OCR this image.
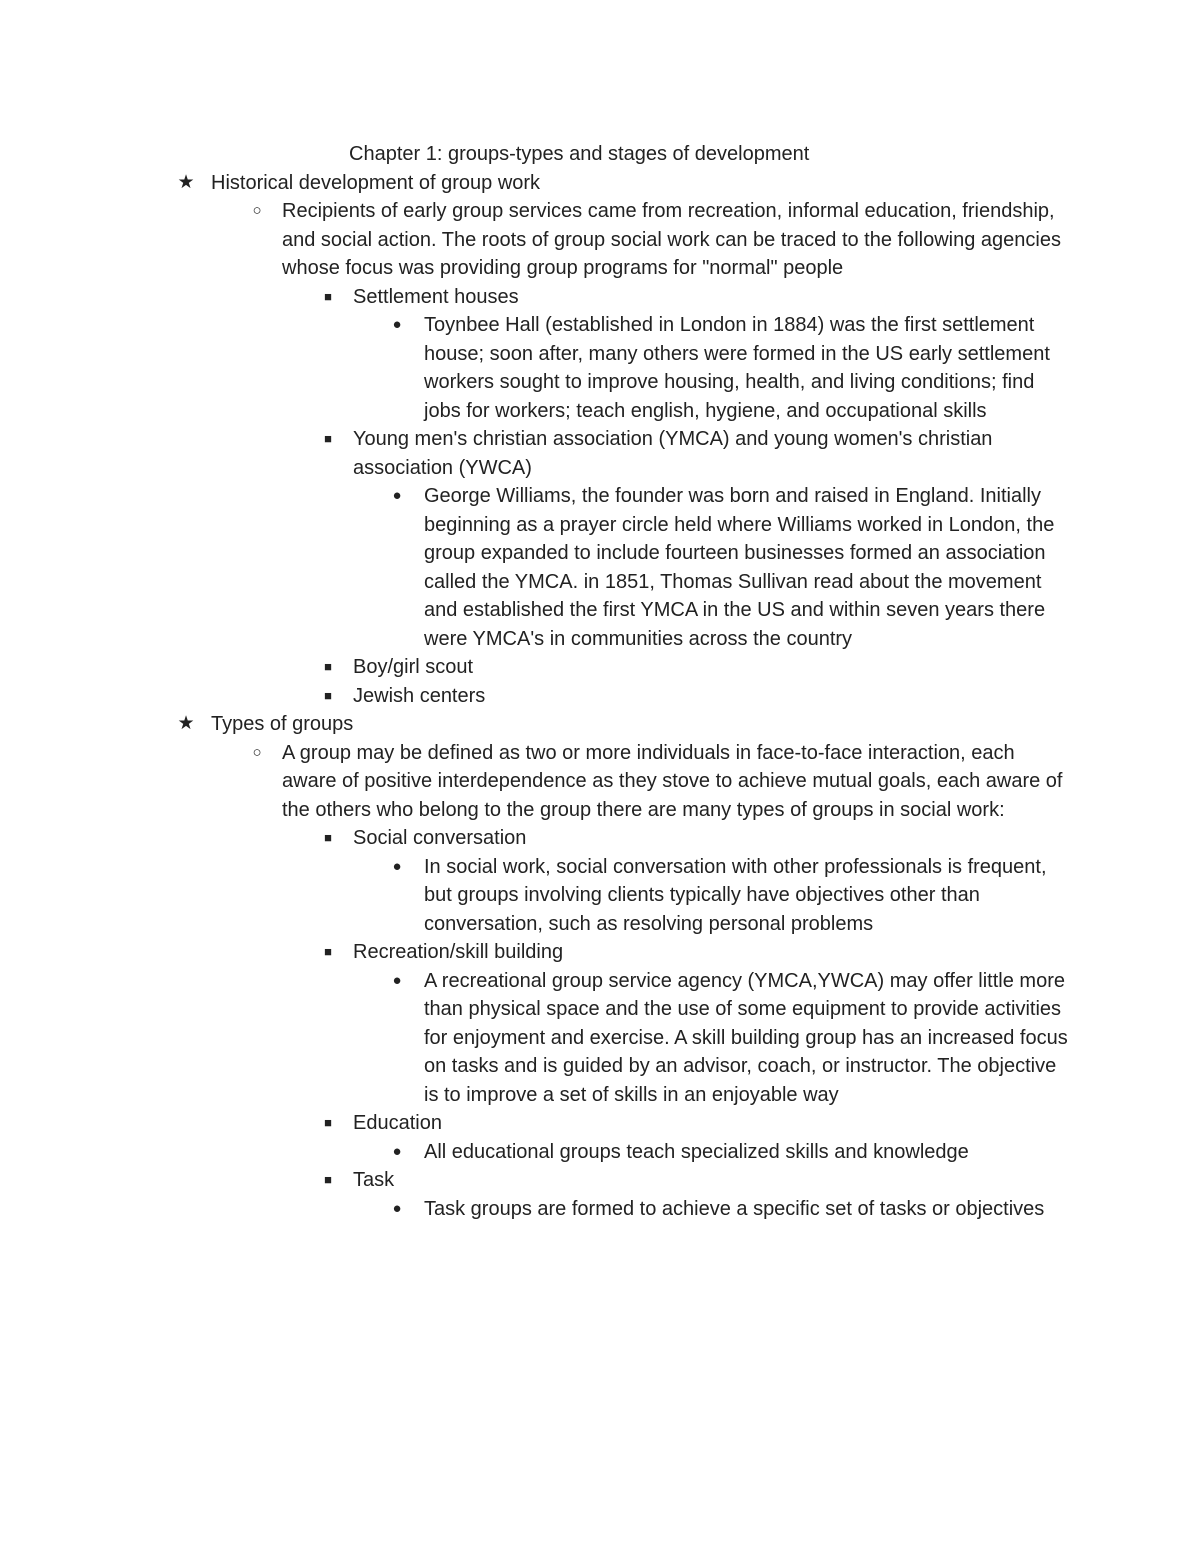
Chapter 1: groups-types and stages of development
★ Historical development of group work
○	Recipients of early group services came from recreation, informal education, friendship, and social action. The roots of group social work can be traced to the following agencies whose focus was providing group programs for "normal" people
■	Settlement houses
●	Toynbee Hall (established in London in 1884) was the first settlement house; soon after, many others were formed in the US early settlement workers sought to improve housing, health, and living conditions; find jobs for workers; teach english, hygiene, and occupational skills
■	Young men's christian association (YMCA) and young women's christian association (YWCA)
●	George Williams, the founder was born and raised in England. Initially beginning as a prayer circle held where Williams worked in London, the group expanded to include fourteen businesses formed an association called the YMCA. in 1851, Thomas Sullivan read about the movement and established the first YMCA in the US and within seven years there were YMCA's in communities across the country
■	Boy/girl scout
■	Jewish centers
★ Types of groups
○	A group may be defined as two or more individuals in face-to-face interaction, each aware of positive interdependence as they stove to achieve mutual goals, each aware of the others who belong to the group there are many types of groups in social work:
■	Social conversation
●	In social work, social conversation with other professionals is frequent, but groups involving clients typically have objectives other than conversation, such as resolving personal problems
■	Recreation/skill building
●	A recreational group service agency (YMCA,YWCA) may offer little more than physical space and the use of some equipment to provide activities for enjoyment and exercise. A skill building group has an increased focus on tasks and is guided by an advisor, coach, or instructor. The objective is to improve a set of skills in an enjoyable way
■	Education
●	All educational groups teach specialized skills and knowledge
■	Task
●	Task groups are formed to achieve a specific set of tasks or objectives
